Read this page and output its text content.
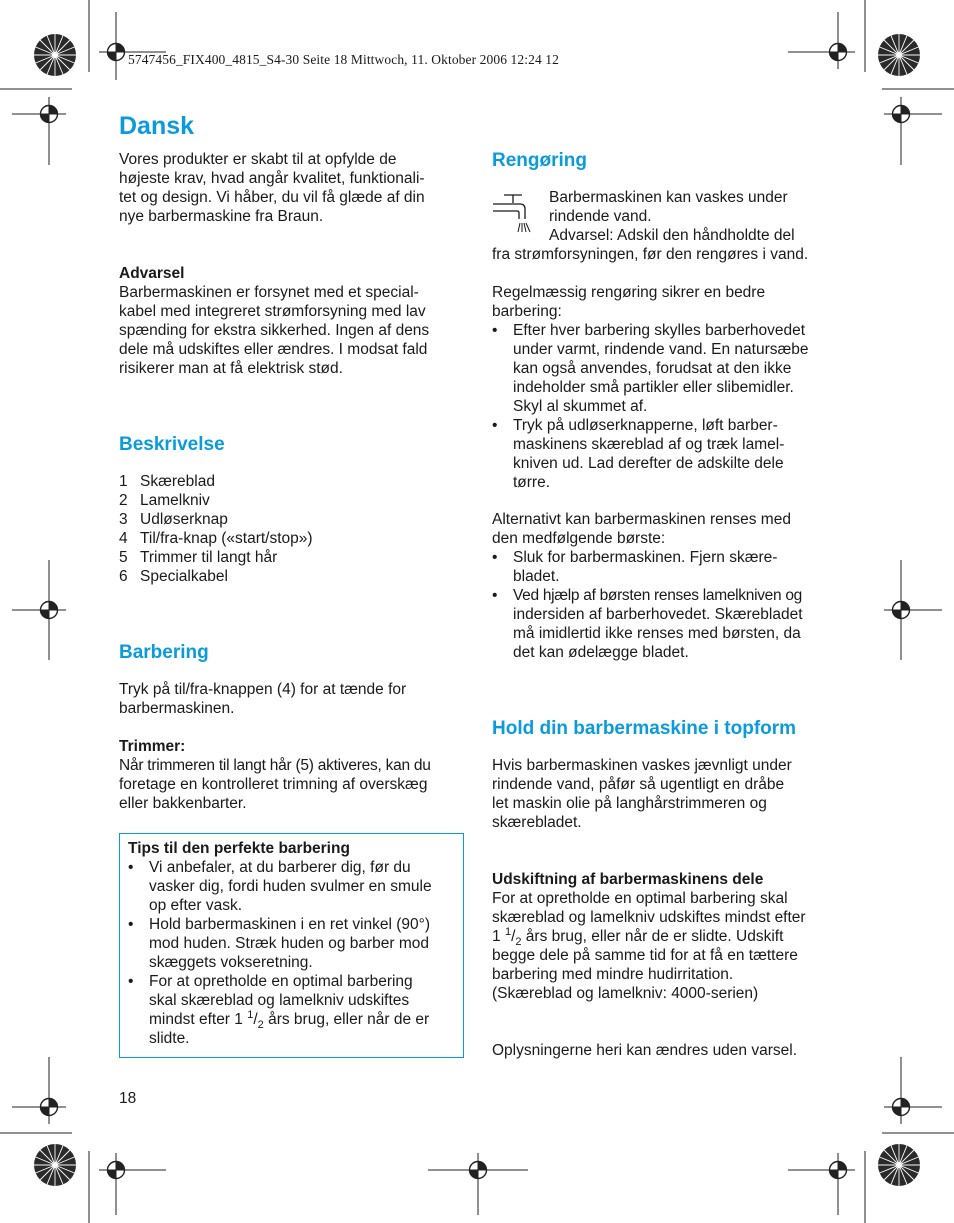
5747456_FIX400_4815_S4-30 Seite 18 Mittwoch, 11. Oktober 2006 12:24 12
Dansk
Vores produkter er skabt til at opfylde de
højeste krav, hvad angår kvalitet, funktionali-
tet og design. Vi håber, du vil få glæde af din
nye barbermaskine fra Braun.
Advarsel
Barbermaskinen er forsynet med et special-
kabel med integreret strømforsyning med lav
spænding for ekstra sikkerhed. Ingen af dens
dele må udskiftes eller ændres. I modsat fald
risikerer man at få elektrisk stød.
Beskrivelse
1 Skæreblad
2 Lamelkniv
3 Udløserknap
4 Til/fra-knap («start/stop»)
5 Trimmer til langt hår
6 Specialkabel
Barbering
Tryk på til/fra-knappen (4) for at tænde for
barbermaskinen.
Trimmer:
Når trimmeren til langt hår (5) aktiveres, kan du
foretage en kontrolleret trimning af overskæg
eller bakkenbarter.
Tips til den perfekte barbering
• Vi anbefaler, at du barberer dig, før du
vasker dig, fordi huden svulmer en smule
op efter vask.
• Hold barbermaskinen i en ret vinkel (90°)
mod huden. Stræk huden og barber mod
skæggets vokseretning.
• For at opretholde en optimal barbering
skal skæreblad og lamelkniv udskiftes
mindst efter 1 $^1/_2$ års brug, eller når de er
slidte.
18
Rengøring
Barbermaskinen kan vaskes under
rindende vand.
Advarsel: Adskil den håndholdte del
fra strømforsyningen, før den rengøres i vand.
Regelmæssig rengøring sikrer en bedre
barbering:
• Efter hver barbering skylles barberhovedet
under varmt, rindende vand. En natursæbe
kan også anvendes, forudsat at den ikke
indeholder små partikler eller slibemidler.
Skyl al skummet af.
• Tryk på udløserknapperne, løft barber-
maskinens skæreblad af og træk lamel-
kniven ud. Lad derefter de adskilte dele
tørre.
Alternativt kan barbermaskinen renses med
den medfølgende børste:
• Sluk for barbermaskinen. Fjern skære-
bladet.
• Ved hjælp af børsten renses lamelkniven og
indersiden af barberhovedet. Skærebladet
må imidlertid ikke renses med børsten, da
det kan ødelægge bladet.
Hold din barbermaskine i topform
Hvis barbermaskinen vaskes jævnligt under
rindende vand, påfør så ugentligt en dråbe
let maskin olie på langhårstrimmeren og
skærebladet.
Udskiftning af barbermaskinens dele
For at opretholde en optimal barbering skal
skæreblad og lamelkniv udskiftes mindst efter
1 $^1/_2$ års brug, eller når de er slidte. Udskift
begge dele på samme tid for at få en tættere
barbering med mindre hudirritation.
(Skæreblad og lamelkniv: 4000-serien)
Oplysningerne heri kan ændres uden varsel.
